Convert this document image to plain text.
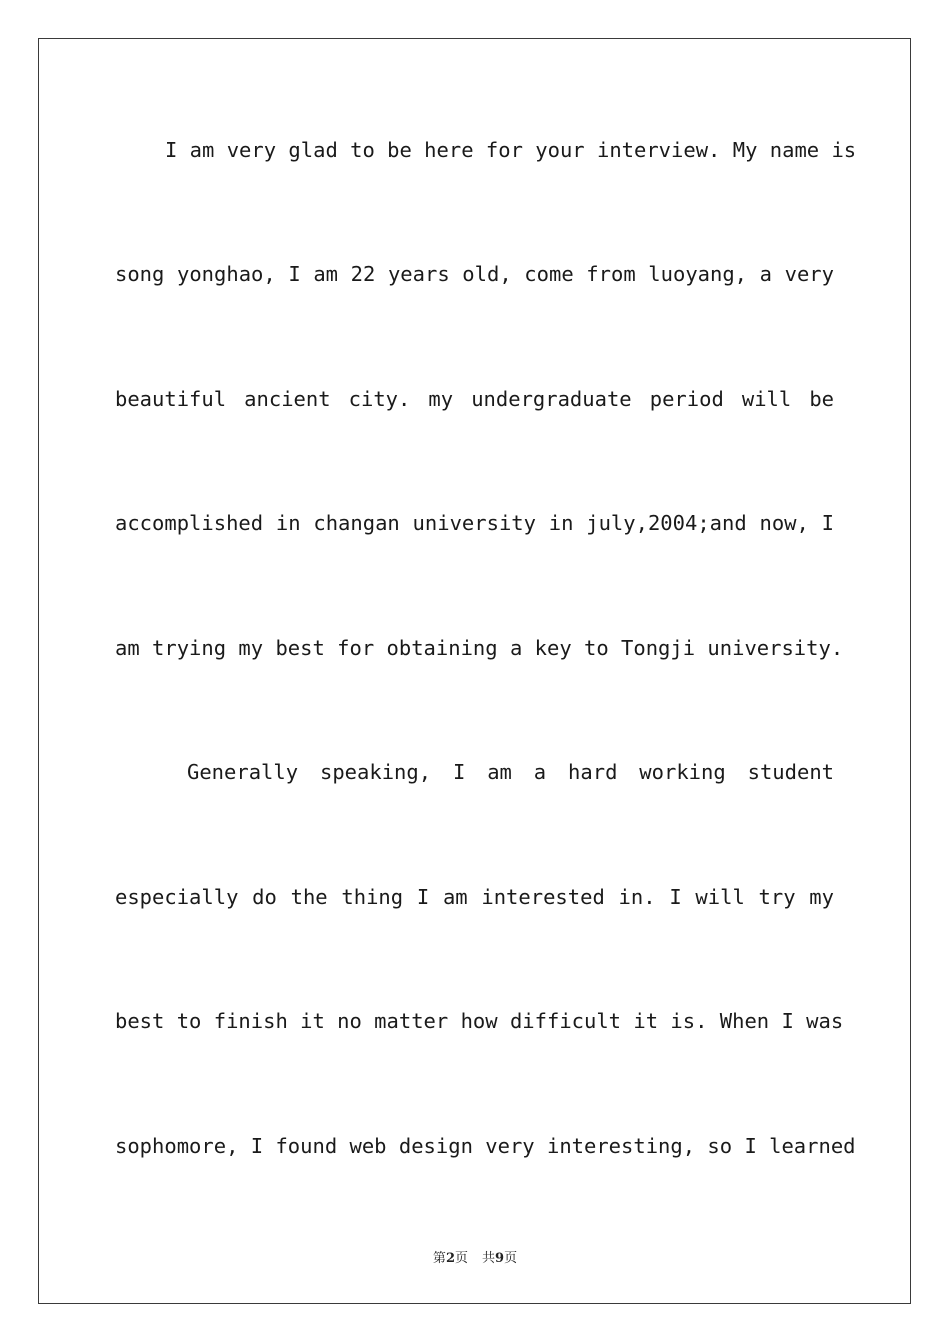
I am very glad to be here for your interview. My name is
song yonghao, I am 22 years old, come from luoyang, a very
beautiful ancient city. my undergraduate period will be
accomplished in changan university in july,2004;and now, I
am trying my best for obtaining a key to Tongji university.
Generally speaking, I am a hard working student
especially do the thing I am interested in. I will try my
best to finish it no matter how difficult it is. When I was
sophomore, I found web design very interesting, so I learned
第2页 共9页
